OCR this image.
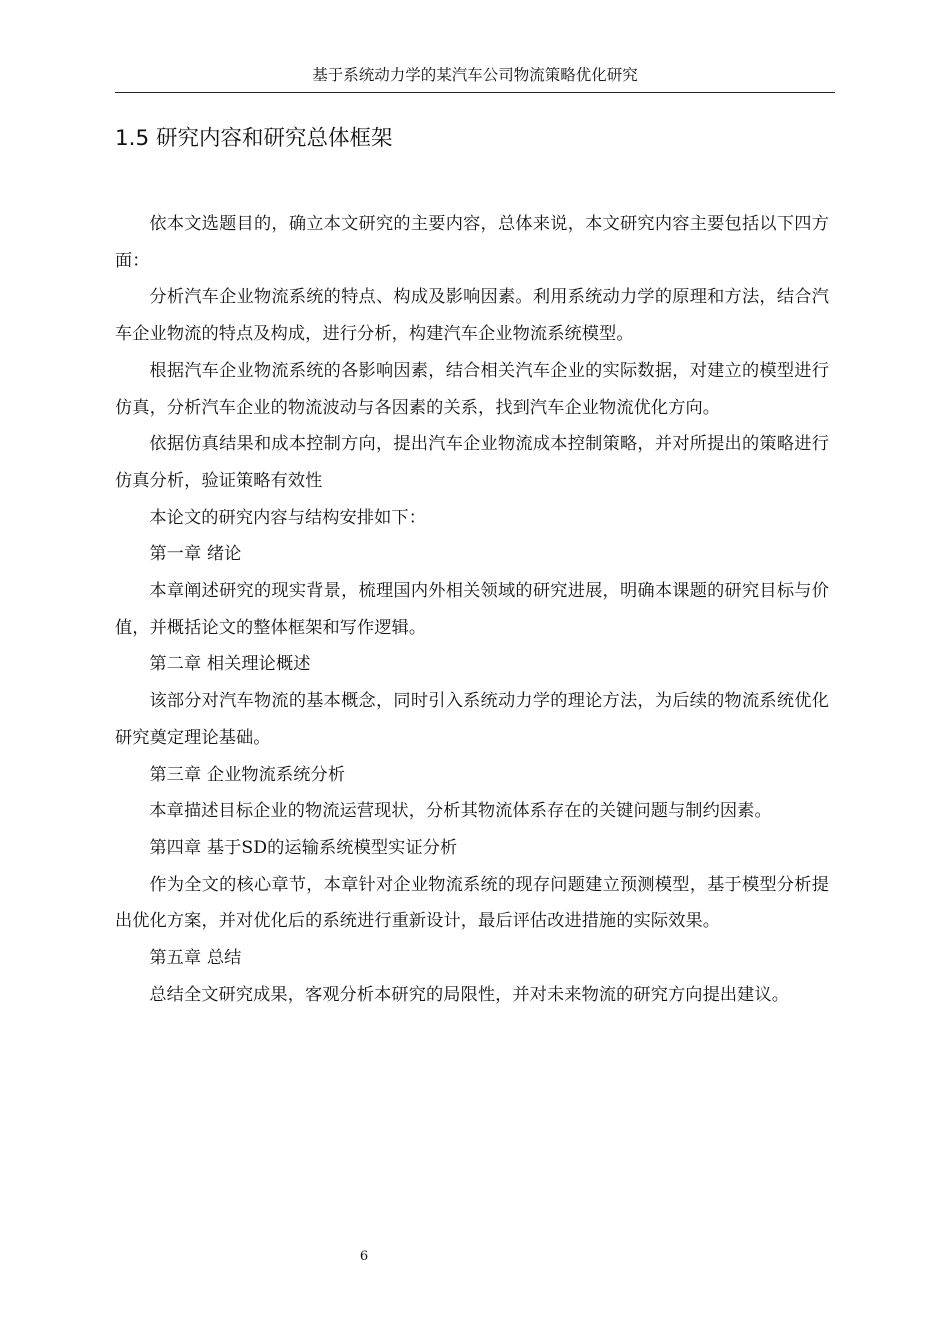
基于系统动力学的某汽车公司物流策略优化研究
1.5 研究内容和研究总体框架

依本文选题目的，确立本文研究的主要内容，总体来说，本文研究内容主要包括以下四方面：

分析汽车企业物流系统的特点、构成及影响因素。利用系统动力学的原理和方法，结合汽车企业物流的特点及构成，进行分析，构建汽车企业物流系统模型。

根据汽车企业物流系统的各影响因素，结合相关汽车企业的实际数据，对建立的模型进行仿真，分析汽车企业的物流波动与各因素的关系，找到汽车企业物流优化方向。

依据仿真结果和成本控制方向，提出汽车企业物流成本控制策略，并对所提出的策略进行仿真分析，验证策略有效性

本论文的研究内容与结构安排如下：

第一章 绪论

本章阐述研究的现实背景，梳理国内外相关领域的研究进展，明确本课题的研究目标与价值，并概括论文的整体框架和写作逻辑。

第二章 相关理论概述

该部分对汽车物流的基本概念，同时引入系统动力学的理论方法，为后续的物流系统优化研究奠定理论基础。

第三章 企业物流系统分析

本章描述目标企业的物流运营现状，分析其物流体系存在的关键问题与制约因素。

第四章 基于SD的运输系统模型实证分析

作为全文的核心章节，本章针对企业物流系统的现存问题建立预测模型，基于模型分析提出优化方案，并对优化后的系统进行重新设计，最后评估改进措施的实际效果。

第五章 总结

总结全文研究成果，客观分析本研究的局限性，并对未来物流的研究方向提出建议。

6
